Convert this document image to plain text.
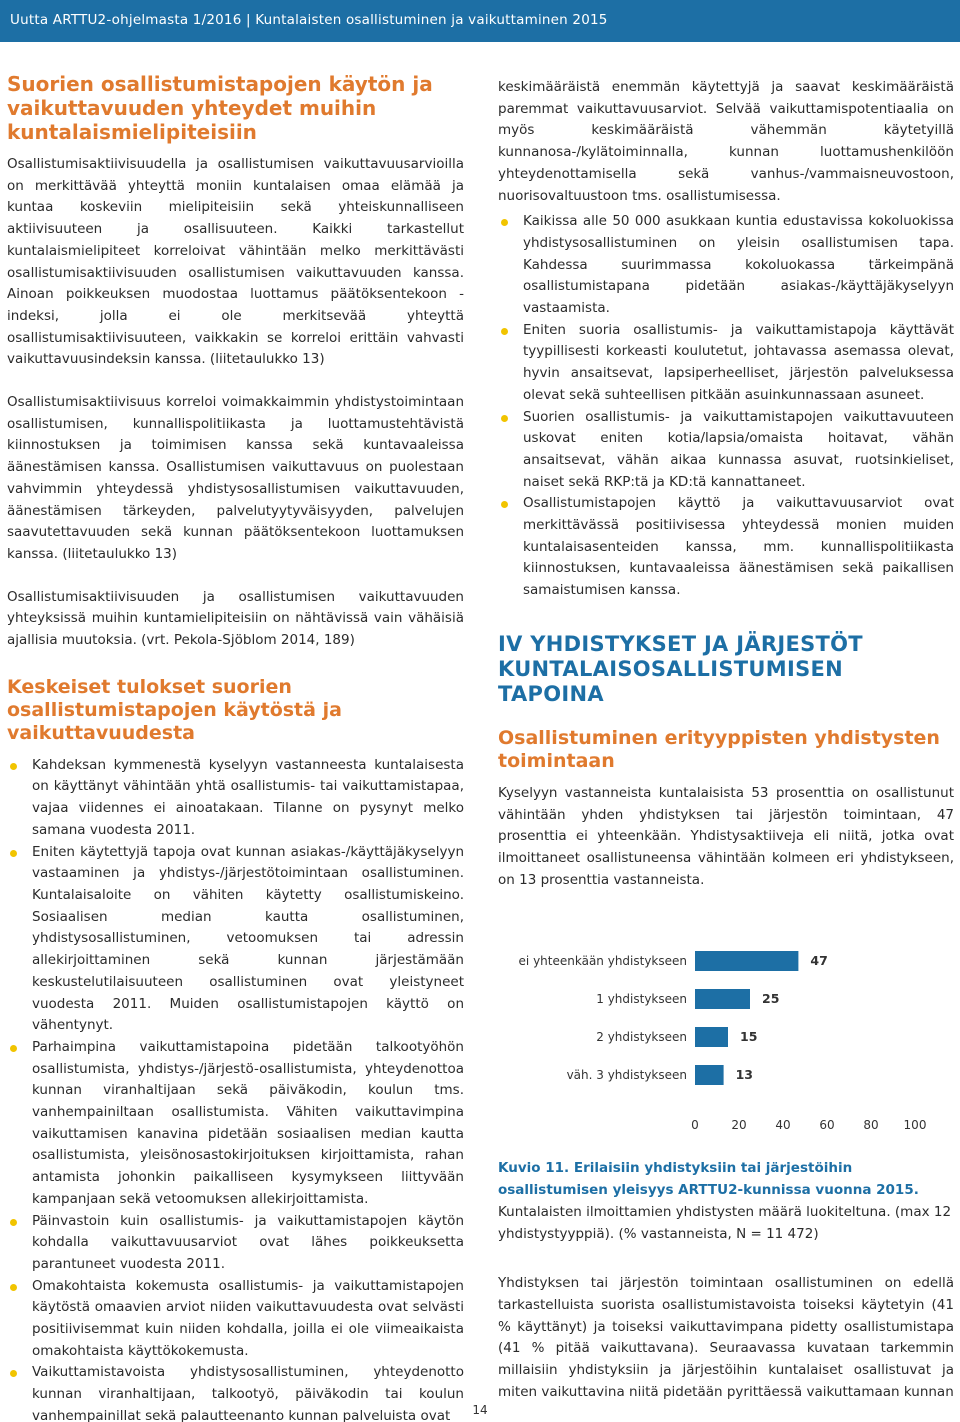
Uutta ARTTU2-ohjelmasta 1/2016 | Kuntalaisten osallistuminen ja vaikuttaminen 2015
Suorien osallistumistapojen käytön ja vaikuttavuuden yhteydet muihin kuntalaismielipiteisiin

Osallistumisaktiivisuudella ja osallistumisen vaikuttavuusarvioilla on merkittävää yhteyttä moniin kuntalaisen omaa elämää ja kuntaa koskeviin mielipiteisiin sekä yhteiskunnalliseen aktiivisuuteen ja osallisuuteen. Kaikki tarkastellut kuntalaismielipiteet korreloivat vähintään melko merkittävästi osallistumisaktiivisuuden osallistumisen vaikuttavuuden kanssa. Ainoan poikkeuksen muodostaa luottamus päätöksentekoon -indeksi, jolla ei ole merkitsevää yhteyttä osallistumisaktiivisuuteen, vaikkakin se korreloi erittäin vahvasti vaikuttavuusindeksin kanssa. (liitetaulukko 13)

Osallistumisaktiivisuus korreloi voimakkaimmin yhdistystoimintaan osallistumisen, kunnallispolitiikasta ja luottamustehtävistä kiinnostuksen ja toimimisen kanssa sekä kuntavaaleissa äänestämisen kanssa. Osallistumisen vaikuttavuus on puolestaan vahvimmin yhteydessä yhdistysosallistumisen vaikuttavuuden, äänestämisen tärkeyden, palvelutyytyväisyyden, palvelujen saavutettavuuden sekä kunnan päätöksentekoon luottamuksen kanssa. (liitetaulukko 13)

Osallistumisaktiivisuuden ja osallistumisen vaikuttavuuden yhteyksissä muihin kuntamielipiteisiin on nähtävissä vain vähäisiä ajallisia muutoksia. (vrt. Pekola-Sjöblom 2014, 189)

Keskeiset tulokset suorien osallistumistapojen käytöstä ja vaikuttavuudesta
Kahdeksan kymmenestä kyselyyn vastanneesta kuntalaisesta on käyttänyt vähintään yhtä osallistumis- tai vaikuttamistapaa, vajaa viidennes ei ainoatakaan. Tilanne on pysynyt melko samana vuodesta 2011.
Eniten käytettyjä tapoja ovat kunnan asiakas-/käyttäjäkyselyyn vastaaminen ja yhdistys-/järjestötoimintaan osallistuminen. Kuntalaisaloite on vähiten käytetty osallistumiskeino. Sosiaalisen median kautta osallistuminen, yhdistysosallistuminen, vetoomuksen tai adressin allekirjoittaminen sekä kunnan järjestämään keskustelutilaisuuteen osallistuminen ovat yleistyneet vuodesta 2011. Muiden osallistumistapojen käyttö on vähentynyt.
Parhaimpina vaikuttamistapoina pidetään talkootyöhön osallistumista, yhdistys-/järjestö-osallistumista, yhteydenottoa kunnan viranhaltijaan sekä päiväkodin, koulun tms. vanhempainiltaan osallistumista. Vähiten vaikuttavimpina vaikuttamisen kanavina pidetään sosiaalisen median kautta osallistumista, yleisönosastokirjoituksen kirjoittamista, rahan antamista johonkin paikalliseen kysymykseen liittyvään kampanjaan sekä vetoomuksen allekirjoittamista.
Päinvastoin kuin osallistumis- ja vaikuttamistapojen käytön kohdalla vaikuttavuusarviot ovat lähes poikkeuksetta parantuneet vuodesta 2011.
Omakohtaista kokemusta osallistumis- ja vaikuttamistapojen käytöstä omaavien arviot niiden vaikuttavuudesta ovat selvästi positiivisemmat kuin niiden kohdalla, joilla ei ole viimeaikaista omakohtaista käyttökokemusta.
Vaikuttamistavoista yhdistysosallistuminen, yhteydenotto kunnan viranhaltijaan, talkootyö, päiväkodin tai koulun vanhempainillat sekä palautteenanto kunnan palveluista ovat

keskimääräistä enemmän käytettyjä ja saavat keskimääräistä paremmat vaikuttavuusarviot. Selvää vaikuttamispotentiaalia on myös keskimääräistä vähemmän käytetyillä kunnanosa-/kylätoiminnalla, kunnan luottamushenkilöön yhteydenottamisella sekä vanhus-/vammaisneuvostoon, nuorisovaltuustoon tms. osallistumisessa.

Kaikissa alle 50 000 asukkaan kuntia edustavissa kokoluokissa yhdistysosallistuminen on yleisin osallistumisen tapa. Kahdessa suurimmassa kokoluokassa tärkeimpänä osallistumistapana pidetään asiakas-/käyttäjäkyselyyn vastaamista.
Eniten suoria osallistumis- ja vaikuttamistapoja käyttävät tyypillisesti korkeasti koulutetut, johtavassa asemassa olevat, hyvin ansaitsevat, lapsiperheelliset, järjestön palveluksessa olevat sekä suhteellisen pitkään asuinkunnassaan asuneet.
Suorien osallistumis- ja vaikuttamistapojen vaikuttavuuteen uskovat eniten kotia/lapsia/omaista hoitavat, vähän ansaitsevat, vähän aikaa kunnassa asuvat, ruotsinkieliset, naiset sekä RKP:tä ja KD:tä kannattaneet.
Osallistumistapojen käyttö ja vaikuttavuusarviot ovat merkittävässä positiivisessa yhteydessä monien muiden kuntalaisasenteiden kanssa, mm. kunnallispolitiikasta kiinnostuksen, kuntavaaleissa äänestämisen sekä paikallisen samaistumisen kanssa.
IV YHDISTYKSET JA JÄRJESTÖT KUNTALAISOSALLISTUMISEN TAPOINA
Osallistuminen erityyppisten yhdistysten toimintaan

Kyselyyn vastanneista kuntalaisista 53 prosenttia on osallistunut vähintään yhden yhdistyksen tai järjestön toimintaan, 47 prosenttia ei yhteenkään. Yhdistysaktiiveja eli niitä, jotka ovat ilmoittaneet osallistuneensa vähintään kolmeen eri yhdistykseen, on 13 prosenttia vastanneista.

ei yhteenkään yhdistykseen	47
1 yhdistykseen	25
2 yhdistykseen	15
väh. 3 yhdistykseen	13
0	20 40 60 80 100
Kuvio 11. Erilaisiin yhdistyksiin tai järjestöihin osallistumisen yleisyys ARTTU2-kunnissa vuonna 2015. Kuntalaisten ilmoittamien yhdistysten määrä luokiteltuna. (max 12 yhdistystyyppiä). (% vastanneista, N = 11 472)

Yhdistyksen tai järjestön toimintaan osallistuminen on edellä tarkastelluista suorista osallistumistavoista toiseksi käytetyin (41 % käyttänyt) ja toiseksi vaikuttavimpana pidetty osallistumistapa (41 % pitää vaikuttavana). Seuraavassa kuvataan tarkemmin millaisiin yhdistyksiin ja järjestöihin kuntalaiset osallistuvat ja miten vaikuttavina niitä pidetään pyrittäessä vaikuttamaan kunnan

14
